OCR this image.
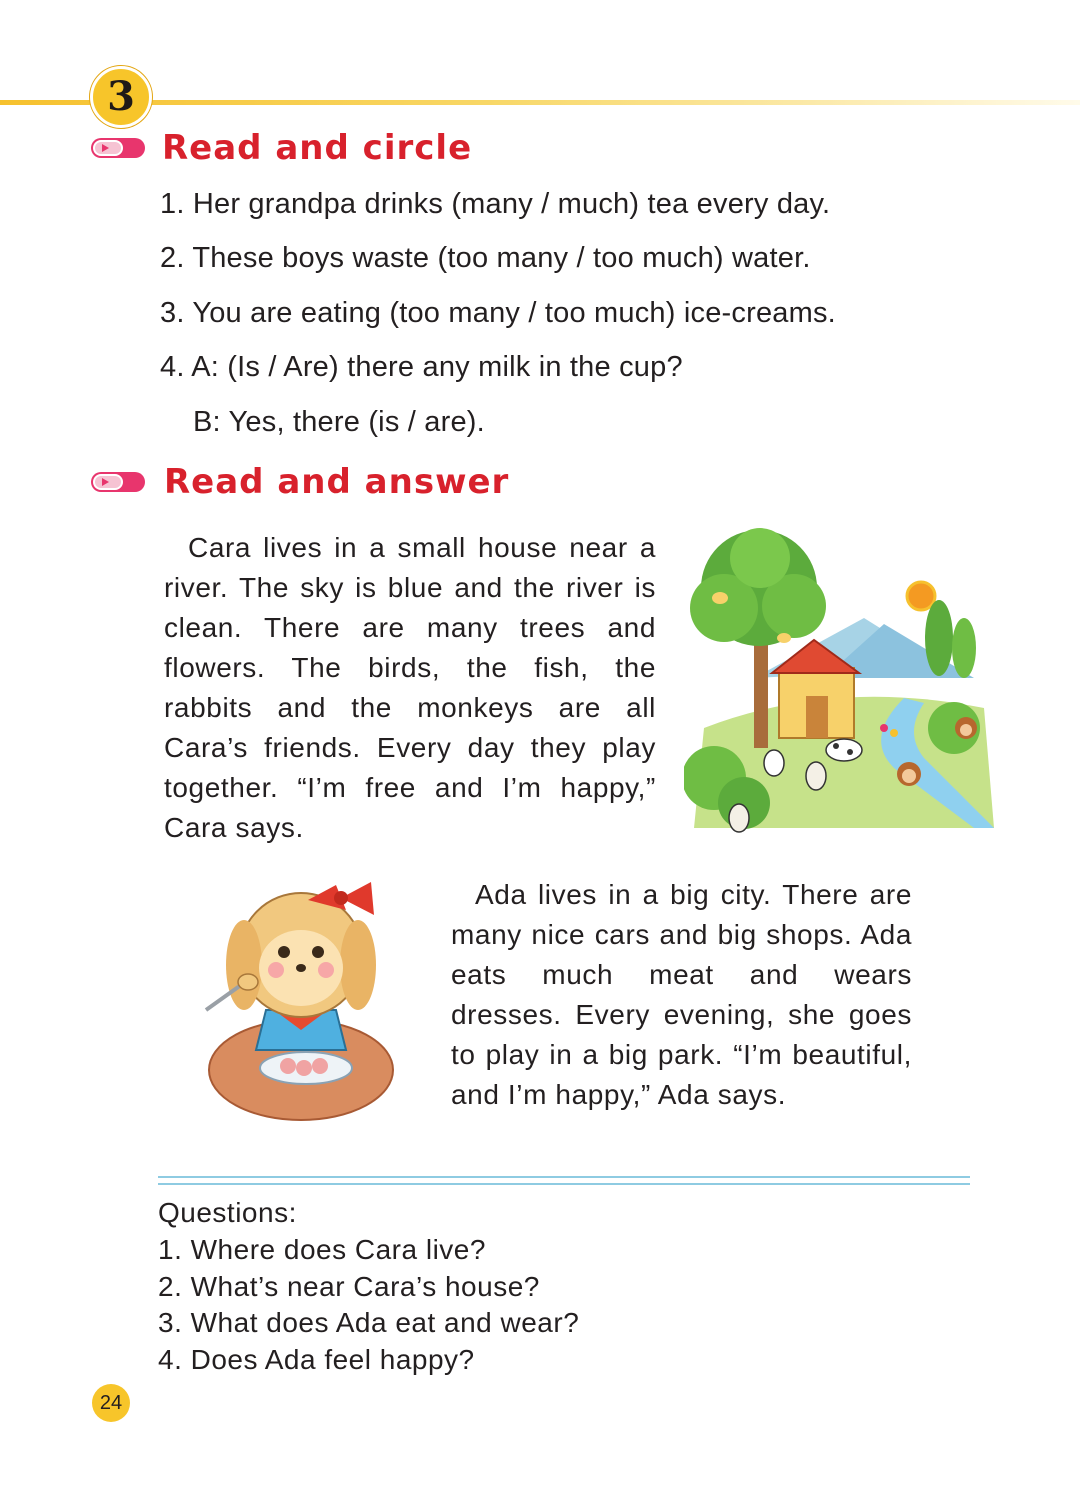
3
Read and circle
1. Her grandpa drinks (many / much) tea every day.
2. These boys waste (too many / too much) water.
3. You are eating (too many / too much) ice-creams.
4. A: (Is / Are) there any milk in the cup?
B: Yes, there (is / are).
Read and answer

Cara lives in a small house near a river. The sky is blue and the river is clean. There are many trees and flowers. The birds, the fish, the rabbits and the monkeys are all Cara’s friends. Every day they play together. “I’m free and I’m happy,” Cara says.

Ada lives in a big city. There are many nice cars and big shops. Ada eats much meat and wears dresses. Every evening, she goes to play in a big park. “I’m beautiful, and I’m happy,” Ada says.

Questions:
1. Where does Cara live?
2. What’s near Cara’s house?
3. What does Ada eat and wear?
4. Does Ada feel happy?
24
